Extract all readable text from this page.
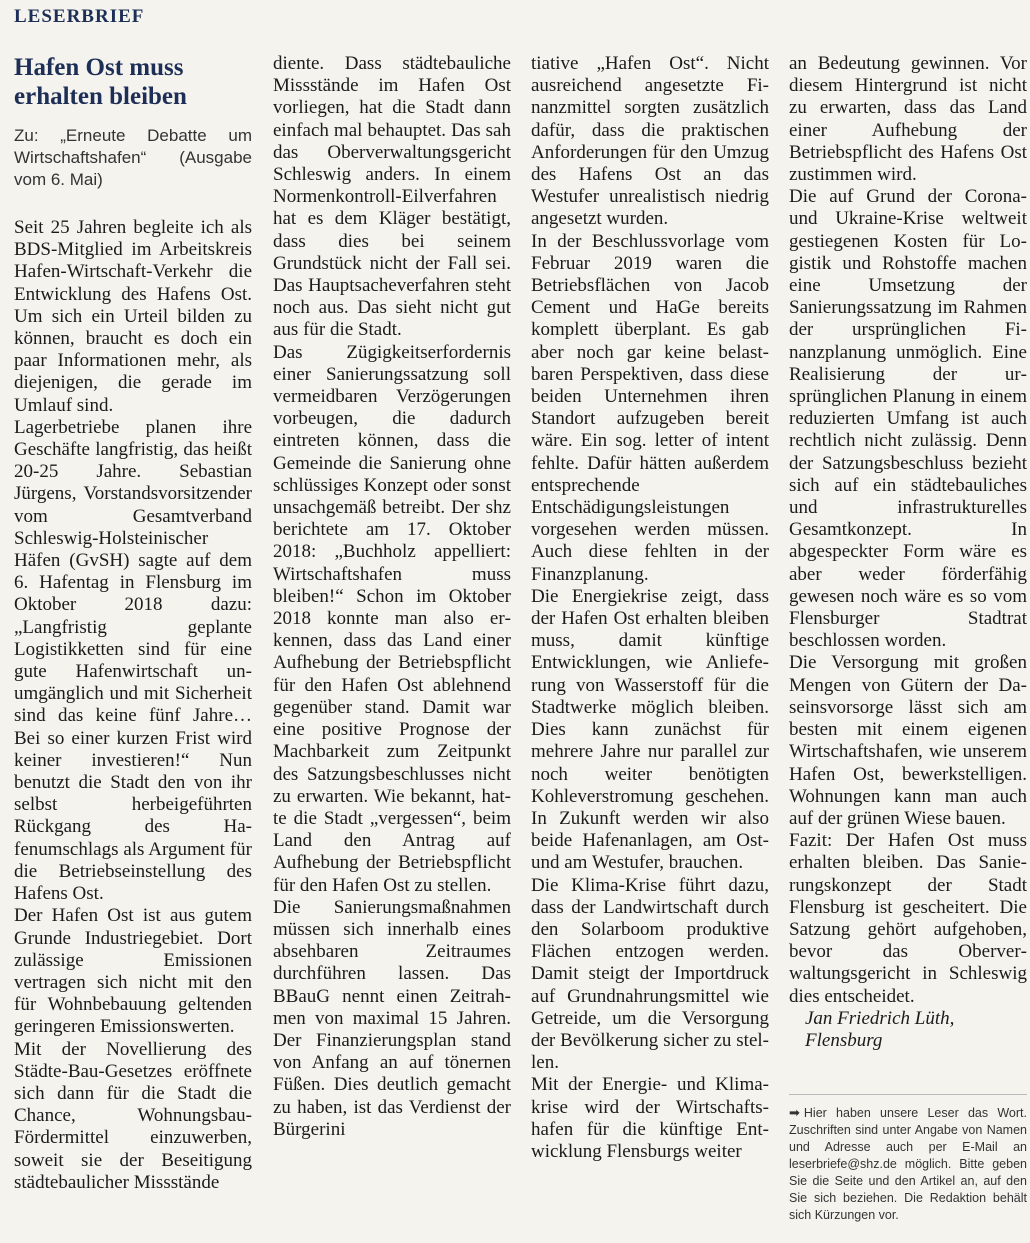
LESERBRIEF
Hafen Ost muss erhalten bleiben
Zu: „Erneute Debatte um Wirtschaftshafen“ (Ausgabe vom 6. Mai)

Seit 25 Jahren begleite ich als BDS-Mitglied im Arbeitskreis Hafen-Wirtschaft-Verkehr die Entwicklung des Hafens Ost. Um sich ein Urteil bilden zu können, braucht es doch ein paar Informationen mehr, als diejenigen, die gerade im Umlauf sind.

Lagerbetriebe planen ihre Geschäfte langfristig, das heißt 20-25 Jahre. Sebastian Jürgens, Vorstandsvorsitzender vom Gesamtverband Schleswig-Holsteinischer Häfen (GvSH) sagte auf dem 6. Hafentag in Flensburg im Oktober 2018 dazu: „Langfristig geplante Logistikketten sind für eine gute Hafenwirtschaft unumgänglich und mit Sicherheit sind das keine fünf Jahre… Bei so einer kurzen Frist wird keiner investieren!“ Nun benutzt die Stadt den von ihr selbst herbeigeführten Rückgang des Hafenumschlags als Argument für die Betriebseinstellung des Hafens Ost.

Der Hafen Ost ist aus gutem Grunde Industriegebiet. Dort zulässige Emissionen vertragen sich nicht mit den für Wohnbebauung geltenden geringeren Emissionswerten.

Mit der Novellierung des Städte-Bau-Gesetzes eröffnete sich dann für die Stadt die Chance, Wohnungsbau-Fördermittel einzuwerben, soweit sie der Beseitigung städtebaulicher Missstände

diente. Dass städtebauliche Missstände im Hafen Ost vorliegen, hat die Stadt dann einfach mal behauptet. Das sah das Oberverwaltungsgericht Schleswig anders. In einem Normenkontroll-Eilverfahren hat es dem Kläger bestätigt, dass dies bei seinem Grundstück nicht der Fall sei. Das Hauptsacheverfahren steht noch aus. Das sieht nicht gut aus für die Stadt.

Das Zügigkeitserfordernis einer Sanierungssatzung soll vermeidbaren Verzögerungen vorbeugen, die dadurch eintreten können, dass die Gemeinde die Sanierung ohne schlüssiges Konzept oder sonst unsachgemäß betreibt. Der shz berichtete am 17. Oktober 2018: „Buchholz appelliert: Wirtschaftshafen muss bleiben!“ Schon im Oktober 2018 konnte man also erkennen, dass das Land einer Aufhebung der Betriebspflicht für den Hafen Ost ablehnend gegenüber stand. Damit war eine positive Prognose der Machbarkeit zum Zeitpunkt des Satzungsbeschlusses nicht zu erwarten. Wie bekannt, hatte die Stadt „vergessen“, beim Land den Antrag auf Aufhebung der Betriebspflicht für den Hafen Ost zu stellen.

Die Sanierungsmaßnahmen müssen sich innerhalb eines absehbaren Zeitraumes durchführen lassen. Das BBauG nennt einen Zeitrahmen von maximal 15 Jahren. Der Finanzierungsplan stand von Anfang an auf tönernen Füßen. Dies deutlich gemacht zu haben, ist das Verdienst der Bürgerini

tiative „Hafen Ost“. Nicht ausreichend angesetzte Finanzmittel sorgten zusätzlich dafür, dass die praktischen Anforderungen für den Umzug des Hafens Ost an das Westufer unrealistisch niedrig angesetzt wurden.

In der Beschlussvorlage vom Februar 2019 waren die Betriebsflächen von Jacob Cement und HaGe bereits komplett überplant. Es gab aber noch gar keine belastbaren Perspektiven, dass diese beiden Unternehmen ihren Standort aufzugeben bereit wäre. Ein sog. letter of intent fehlte. Dafür hätten außerdem entsprechende Entschädigungsleistungen vorgesehen werden müssen. Auch diese fehlten in der Finanzplanung.

Die Energiekrise zeigt, dass der Hafen Ost erhalten bleiben muss, damit künftige Entwicklungen, wie Anlieferung von Wasserstoff für die Stadtwerke möglich bleiben. Dies kann zunächst für mehrere Jahre nur parallel zur noch weiter benötigten Kohleverstromung geschehen. In Zukunft werden wir also beide Hafenanlagen, am Ost- und am Westufer, brauchen.

Die Klima-Krise führt dazu, dass der Landwirtschaft durch den Solarboom produktive Flächen entzogen werden. Damit steigt der Importdruck auf Grundnahrungsmittel wie Getreide, um die Versorgung der Bevölkerung sicher zu stellen.

Mit der Energie- und Klimakrise wird der Wirtschaftshafen für die künftige Entwicklung Flensburgs weiter

an Bedeutung gewinnen. Vor diesem Hintergrund ist nicht zu erwarten, dass das Land einer Aufhebung der Betriebspflicht des Hafens Ost zustimmen wird.

Die auf Grund der Corona- und Ukraine-Krise weltweit gestiegenen Kosten für Logistik und Rohstoffe machen eine Umsetzung der Sanierungssatzung im Rahmen der ursprünglichen Finanzplanung unmöglich. Eine Realisierung der ursprünglichen Planung in einem reduzierten Umfang ist auch rechtlich nicht zulässig. Denn der Satzungsbeschluss bezieht sich auf ein städtebauliches und infrastrukturelles Gesamtkonzept. In abgespeckter Form wäre es aber weder förderfähig gewesen noch wäre es so vom Flensburger Stadtrat beschlossen worden.

Die Versorgung mit großen Mengen von Gütern der Daseinsvorsorge lässt sich am besten mit einem eigenen Wirtschaftshafen, wie unserem Hafen Ost, bewerkstelligen. Wohnungen kann man auch auf der grünen Wiese bauen.

Fazit: Der Hafen Ost muss erhalten bleiben. Das Sanierungskonzept der Stadt Flensburg ist gescheitert. Die Satzung gehört aufgehoben, bevor das Oberverwaltungsgericht in Schleswig dies entscheidet.

Jan Friedrich Lüth,

Flensburg

➡ Hier haben unsere Leser das Wort. Zuschriften sind unter Angabe von Namen und Adresse auch per E-Mail an leserbriefe@shz.de möglich. Bitte geben Sie die Seite und den Artikel an, auf den Sie sich beziehen. Die Redaktion behält sich Kürzungen vor.
